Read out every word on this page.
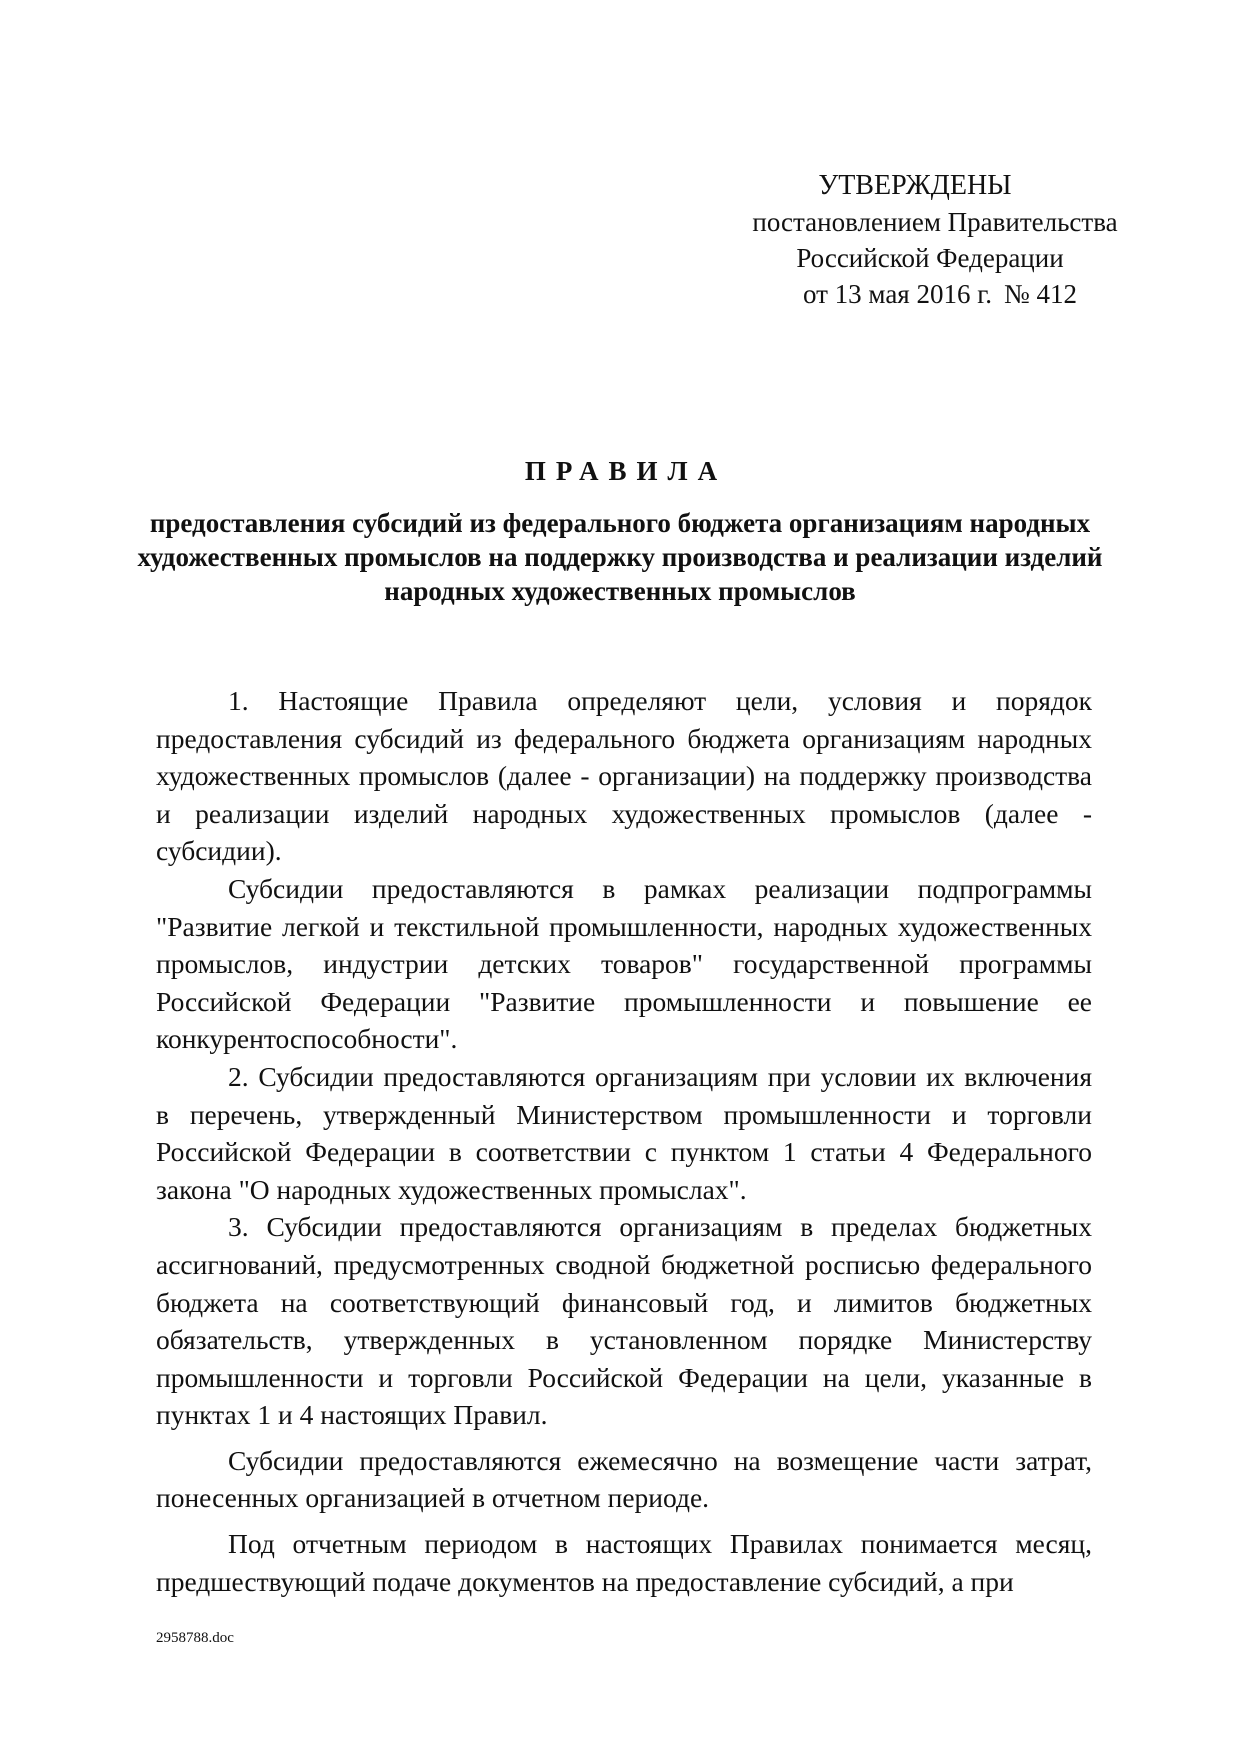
УТВЕРЖДЕНЫ
постановлением Правительства
Российской Федерации
от 13 мая 2016 г. № 412
ПРАВИЛА
предоставления субсидий из федерального бюджета организациям народных художественных промыслов на поддержку производства и реализации изделий народных художественных промыслов

1. Настоящие Правила определяют цели, условия и порядок предоставления субсидий из федерального бюджета организациям народных художественных промыслов (далее - организации) на поддержку производства и реализации изделий народных художественных промыслов (далее - субсидии).

Субсидии предоставляются в рамках реализации подпрограммы "Развитие легкой и текстильной промышленности, народных художественных промыслов, индустрии детских товаров" государственной программы Российской Федерации "Развитие промышленности и повышение ее конкурентоспособности".

2. Субсидии предоставляются организациям при условии их включения в перечень, утвержденный Министерством промышленности и торговли Российской Федерации в соответствии с пунктом 1 статьи 4 Федерального закона "О народных художественных промыслах".

3. Субсидии предоставляются организациям в пределах бюджетных ассигнований, предусмотренных сводной бюджетной росписью федерального бюджета на соответствующий финансовый год, и лимитов бюджетных обязательств, утвержденных в установленном порядке Министерству промышленности и торговли Российской Федерации на цели, указанные в пунктах 1 и 4 настоящих Правил.

Субсидии предоставляются ежемесячно на возмещение части затрат, понесенных организацией в отчетном периоде.

Под отчетным периодом в настоящих Правилах понимается месяц, предшествующий подаче документов на предоставление субсидий, а при

2958788.doc
